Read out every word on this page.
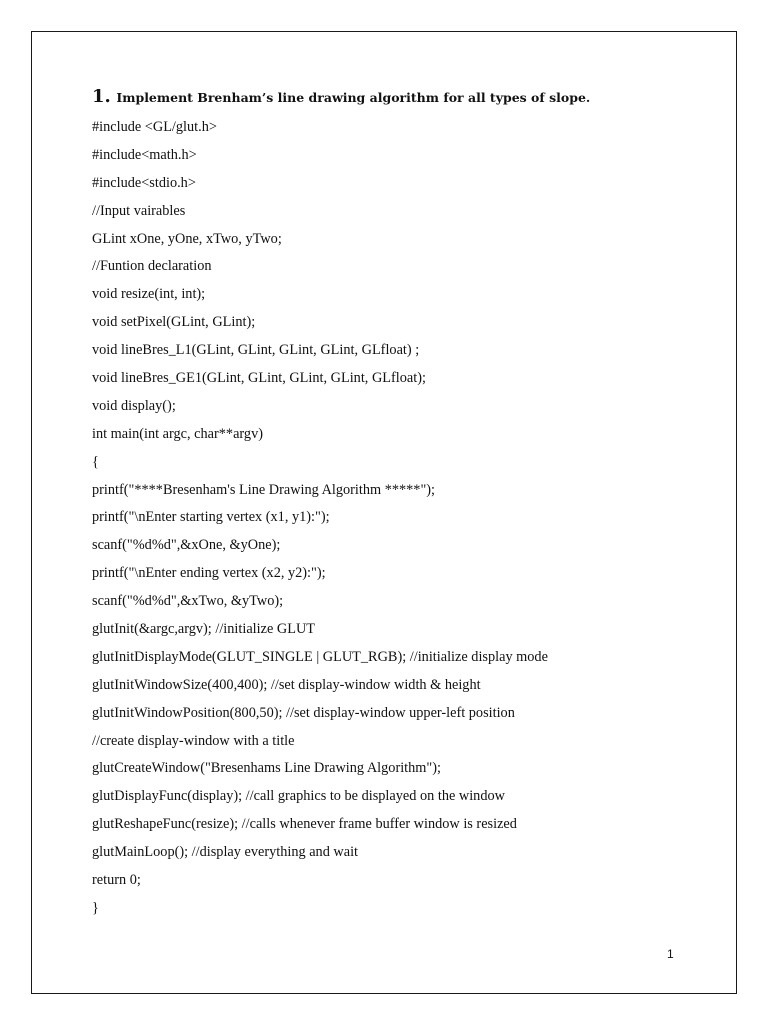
1. Implement Brenham’s line drawing algorithm for all types of slope.
#include <GL/glut.h>
#include<math.h>
#include<stdio.h>
//Input vairables
GLint xOne, yOne, xTwo, yTwo;
//Funtion declaration
void resize(int, int);
void setPixel(GLint, GLint);
void lineBres_L1(GLint, GLint, GLint, GLint, GLfloat) ;
void lineBres_GE1(GLint, GLint, GLint, GLint, GLfloat);
void display();
int main(int argc, char**argv)
{
printf("****Bresenham's Line Drawing Algorithm *****");
printf("\nEnter starting vertex (x1, y1):");
scanf("%d%d",&xOne, &yOne);
printf("\nEnter ending vertex (x2, y2):");
scanf("%d%d",&xTwo, &yTwo);
glutInit(&argc,argv); //initialize GLUT
glutInitDisplayMode(GLUT_SINGLE | GLUT_RGB); //initialize display mode
glutInitWindowSize(400,400); //set display-window width & height
glutInitWindowPosition(800,50); //set display-window upper-left position
//create display-window with a title
glutCreateWindow("Bresenhams Line Drawing Algorithm");
glutDisplayFunc(display); //call graphics to be displayed on the window
glutReshapeFunc(resize); //calls whenever frame buffer window is resized
glutMainLoop(); //display everything and wait
return 0;
}
1
